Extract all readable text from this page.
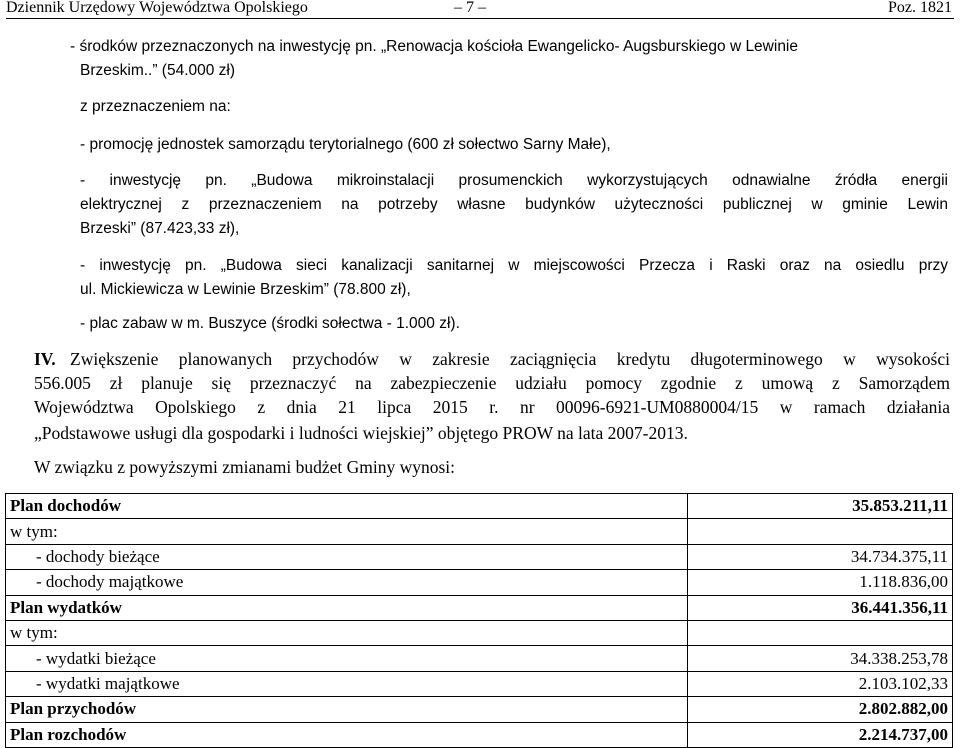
Dziennik Urzędowy Województwa Opolskiego	– 7 –	Poz. 1821
- środków przeznaczonych na inwestycję pn. „Renowacja kościoła Ewangelicko- Augsburskiego w Lewinie
Brzeskim..” (54.000 zł)
z przeznaczeniem na:
- promocję jednostek samorządu terytorialnego (600 zł sołectwo Sarny Małe),
- inwestycję pn. „Budowa mikroinstalacji prosumenckich wykorzystujących odnawialne źródła energii
elektrycznej z przeznaczeniem na potrzeby własne budynków użyteczności publicznej w gminie Lewin
Brzeski” (87.423,33 zł),
- inwestycję pn. „Budowa sieci kanalizacji sanitarnej w miejscowości Przecza i Raski oraz na osiedlu przy
ul. Mickiewicza w Lewinie Brzeskim” (78.800 zł),
- plac zabaw w m. Buszyce (środki sołectwa - 1.000 zł).
IV. Zwiększenie planowanych przychodów w zakresie zaciągnięcia kredytu długoterminowego w wysokości
556.005 zł planuje się przeznaczyć na zabezpieczenie udziału pomocy zgodnie z umową z Samorządem
Województwa Opolskiego z dnia 21 lipca 2015 r. nr 00096-6921-UM0880004/15 w ramach działania
„Podstawowe usługi dla gospodarki i ludności wiejskiej” objętego PROW na lata 2007-2013.
W związku z powyższymi zmianami budżet Gminy wynosi:
Plan dochodów	35.853.211,11
w tym:	
- dochody bieżące	34.734.375,11
- dochody majątkowe	1.118.836,00
Plan wydatków	36.441.356,11
w tym:	
- wydatki bieżące	34.338.253,78
- wydatki majątkowe	2.103.102,33
Plan przychodów	2.802.882,00
Plan rozchodów	2.214.737,00
